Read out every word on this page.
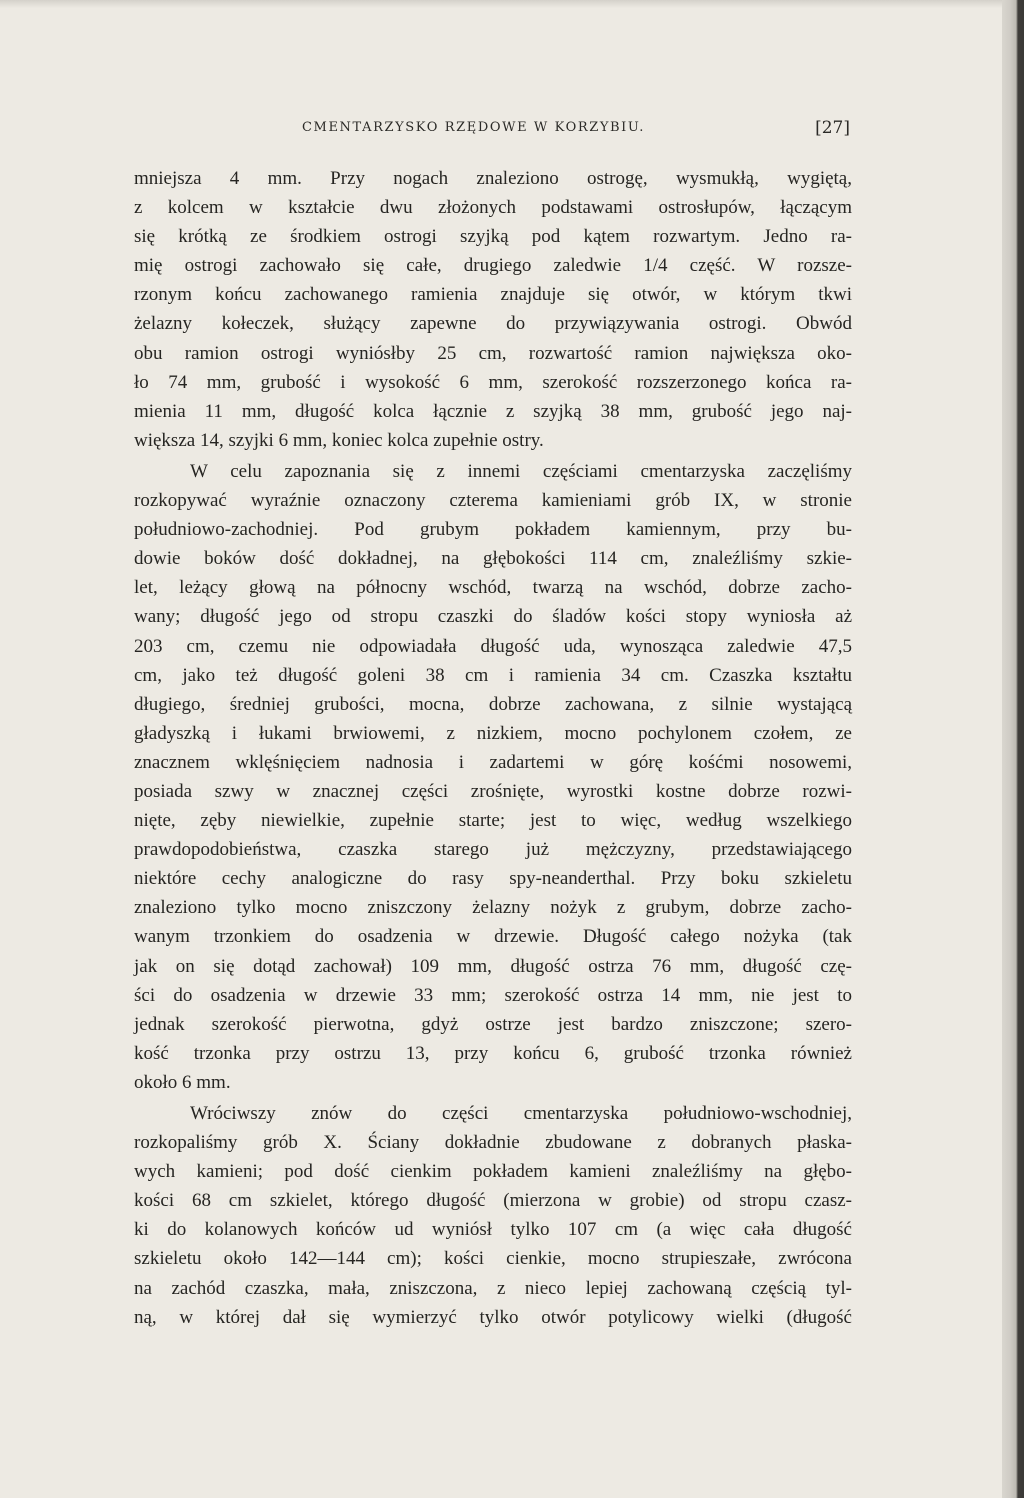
CMENTARZYSKO RZĘDOWE W KORZYBIU.	[27]
mniejsza 4 mm. Przy nogach znaleziono ostrogę, wysmukłą, wygiętą,
z kolcem w kształcie dwu złożonych podstawami ostrosłupów, łączącym
się krótką ze środkiem ostrogi szyjką pod kątem rozwartym. Jedno ra-
mię ostrogi zachowało się całe, drugiego zaledwie 1/4 część. W rozsze-
rzonym końcu zachowanego ramienia znajduje się otwór, w którym tkwi
żelazny kołeczek, służący zapewne do przywiązywania ostrogi. Obwód
obu ramion ostrogi wyniósłby 25 cm, rozwartość ramion największa oko-
ło 74 mm, grubość i wysokość 6 mm, szerokość rozszerzonego końca ra-
mienia 11 mm, długość kolca łącznie z szyjką 38 mm, grubość jego naj-
większa 14, szyjki 6 mm, koniec kolca zupełnie ostry.
W celu zapoznania się z innemi częściami cmentarzyska zaczęliśmy
rozkopywać wyraźnie oznaczony czterema kamieniami grób IX, w stronie
południowo-zachodniej. Pod grubym pokładem kamiennym, przy bu-
dowie boków dość dokładnej, na głębokości 114 cm, znaleźliśmy szkie-
let, leżący głową na północny wschód, twarzą na wschód, dobrze zacho-
wany; długość jego od stropu czaszki do śladów kości stopy wyniosła aż
203 cm, czemu nie odpowiadała długość uda, wynosząca zaledwie 47,5
cm, jako też długość goleni 38 cm i ramienia 34 cm. Czaszka kształtu
długiego, średniej grubości, mocna, dobrze zachowana, z silnie wystającą
gładyszką i łukami brwiowemi, z nizkiem, mocno pochylonem czołem, ze
znacznem wklęśnięciem nadnosia i zadartemi w górę kośćmi nosowemi,
posiada szwy w znacznej części zrośnięte, wyrostki kostne dobrze rozwi-
nięte, zęby niewielkie, zupełnie starte; jest to więc, według wszelkiego
prawdopodobieństwa, czaszka starego już mężczyzny, przedstawiającego
niektóre cechy analogiczne do rasy spy-neanderthal. Przy boku szkieletu
znaleziono tylko mocno zniszczony żelazny nożyk z grubym, dobrze zacho-
wanym trzonkiem do osadzenia w drzewie. Długość całego nożyka (tak
jak on się dotąd zachował) 109 mm, długość ostrza 76 mm, długość czę-
ści do osadzenia w drzewie 33 mm; szerokość ostrza 14 mm, nie jest to
jednak szerokość pierwotna, gdyż ostrze jest bardzo zniszczone; szero-
kość trzonka przy ostrzu 13, przy końcu 6, grubość trzonka również
około 6 mm.
Wróciwszy znów do części cmentarzyska południowo-wschodniej,
rozkopaliśmy grób X. Ściany dokładnie zbudowane z dobranych płaska-
wych kamieni; pod dość cienkim pokładem kamieni znaleźliśmy na głębo-
kości 68 cm szkielet, którego długość (mierzona w grobie) od stropu czasz-
ki do kolanowych końców ud wyniósł tylko 107 cm (a więc cała długość
szkieletu około 142—144 cm); kości cienkie, mocno strupieszałe, zwrócona
na zachód czaszka, mała, zniszczona, z nieco lepiej zachowaną częścią tyl-
ną, w której dał się wymierzyć tylko otwór potylicowy wielki (długość
